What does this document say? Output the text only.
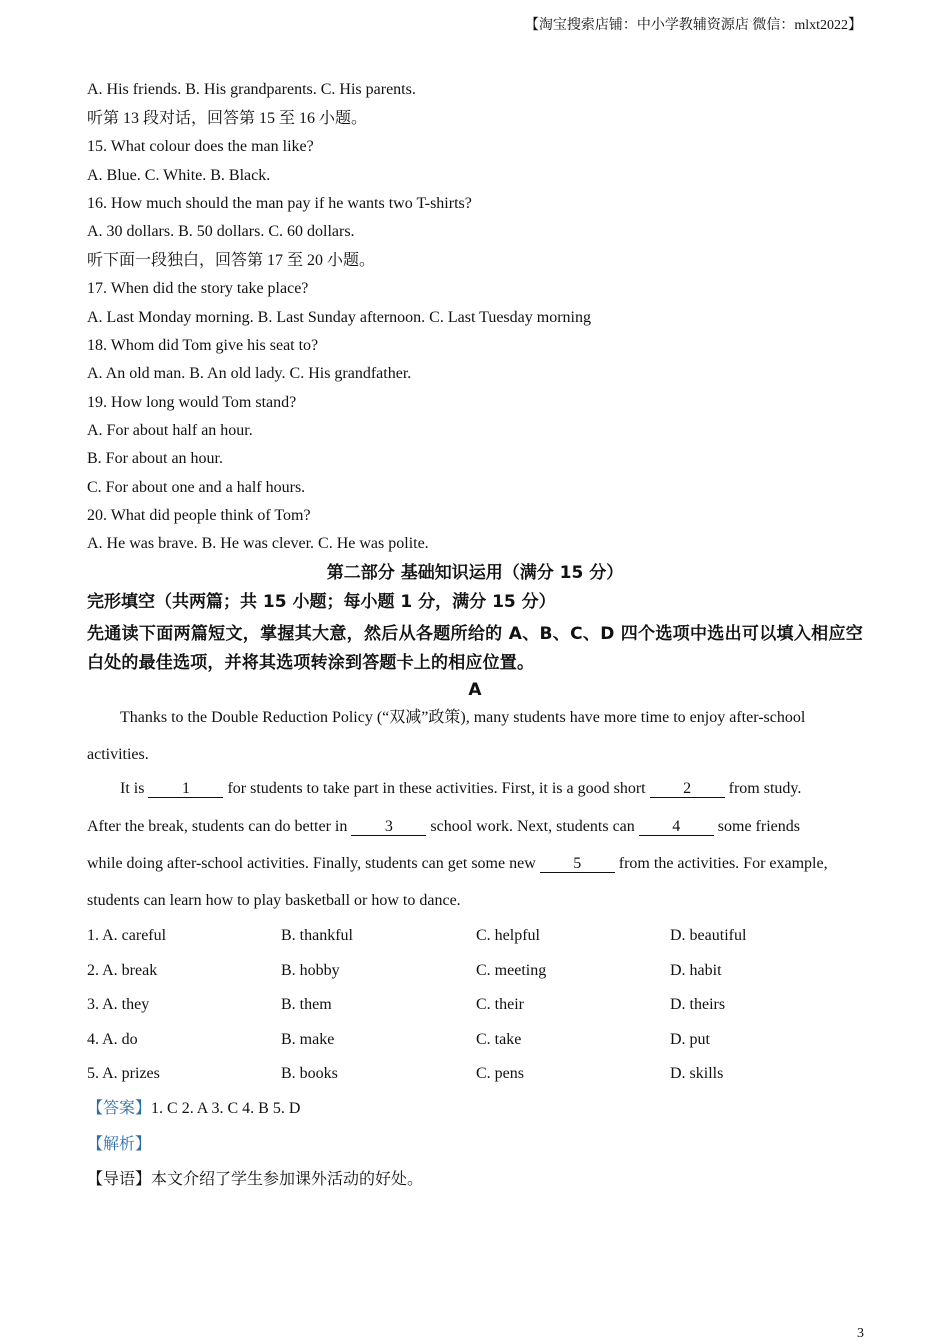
【淘宝搜索店铺：中小学教辅资源店 微信：mlxt2022】
A. His friends. B. His grandparents. C. His parents.
听第 13 段对话，回答第 15 至 16 小题。
15. What colour does the man like?
A. Blue. C. White. B. Black.
16. How much should the man pay if he wants two T-shirts?
A. 30 dollars. B. 50 dollars. C. 60 dollars.
听下面一段独白，回答第 17 至 20 小题。
17. When did the story take place?
A. Last Monday morning. B. Last Sunday afternoon. C. Last Tuesday morning
18. Whom did Tom give his seat to?
A. An old man. B. An old lady. C. His grandfather.
19. How long would Tom stand?
A. For about half an hour.
B. For about an hour.
C. For about one and a half hours.
20. What did people think of Tom?
A. He was brave. B. He was clever. C. He was polite.
第二部分 基础知识运用（满分 15 分）
完形填空（共两篇；共 15 小题；每小题 1 分，满分 15 分）
先通读下面两篇短文，掌握其大意，然后从各题所给的 A、B、C、D 四个选项中选出可以填入相应空白处的最佳选项，并将其选项转涂到答题卡上的相应位置。
A
Thanks to the Double Reduction Policy (“双减”政策), many students have more time to enjoy after-school
activities.
It is 1 for students to take part in these activities. First, it is a good short 2 from study.
After the break, students can do better in 3 school work. Next, students can 4 some friends
while doing after-school activities. Finally, students can get some new 5 from the activities. For example,
students can learn how to play basketball or how to dance.
1. A. careful	B. thankful	C. helpful	D. beautiful
2. A. break	B. hobby	C. meeting	D. habit
3. A. they	B. them	C. their	D. theirs
4. A. do	B. make	C. take	D. put
5. A. prizes	B. books	C. pens	D. skills
【答案】1. C 2. A 3. C 4. B 5. D
【解析】
【导语】本文介绍了学生参加课外活动的好处。
3
